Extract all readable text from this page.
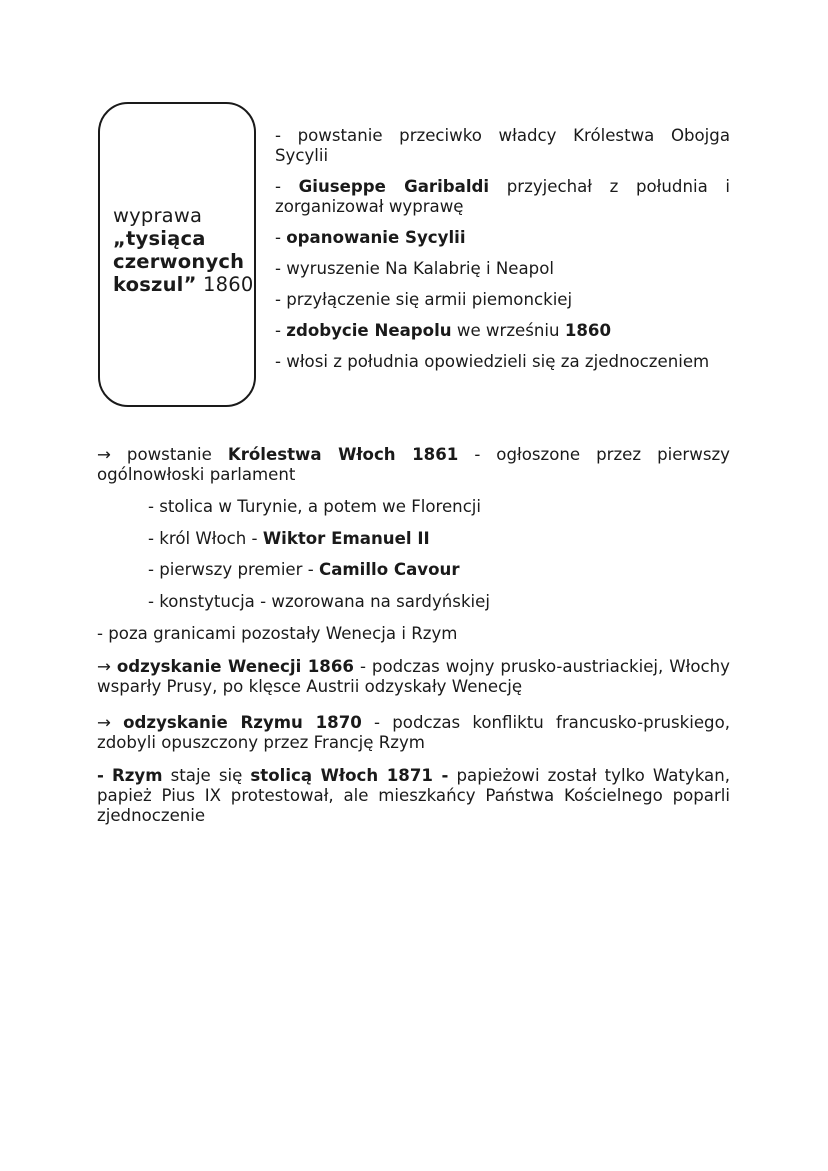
wyprawa
„tysiąca
czerwonych
koszul” 1860
- powstanie przeciwko władcy Królestwa Obojga Sycylii
- Giuseppe Garibaldi przyjechał z południa i zorganizował wyprawę
- opanowanie Sycylii
- wyruszenie Na Kalabrię i Neapol
- przyłączenie się armii piemonckiej
- zdobycie Neapolu we wrześniu 1860
- włosi z południa opowiedzieli się za zjednoczeniem
→ powstanie Królestwa Włoch 1861 - ogłoszone przez pierwszy ogólnowłoski parlament
- stolica w Turynie, a potem we Florencji
- król Włoch - Wiktor Emanuel II
- pierwszy premier - Camillo Cavour
- konstytucja - wzorowana na sardyńskiej
- poza granicami pozostały Wenecja i Rzym
→ odzyskanie Wenecji 1866 - podczas wojny prusko-austriackiej, Włochy wsparły Prusy, po klęsce Austrii odzyskały Wenecję
→ odzyskanie Rzymu 1870 - podczas konfliktu francusko-pruskiego, zdobyli opuszczony przez Francję Rzym
- Rzym staje się stolicą Włoch 1871 - papieżowi został tylko Watykan, papież Pius IX protestował, ale mieszkańcy Państwa Kościelnego poparli zjednoczenie
